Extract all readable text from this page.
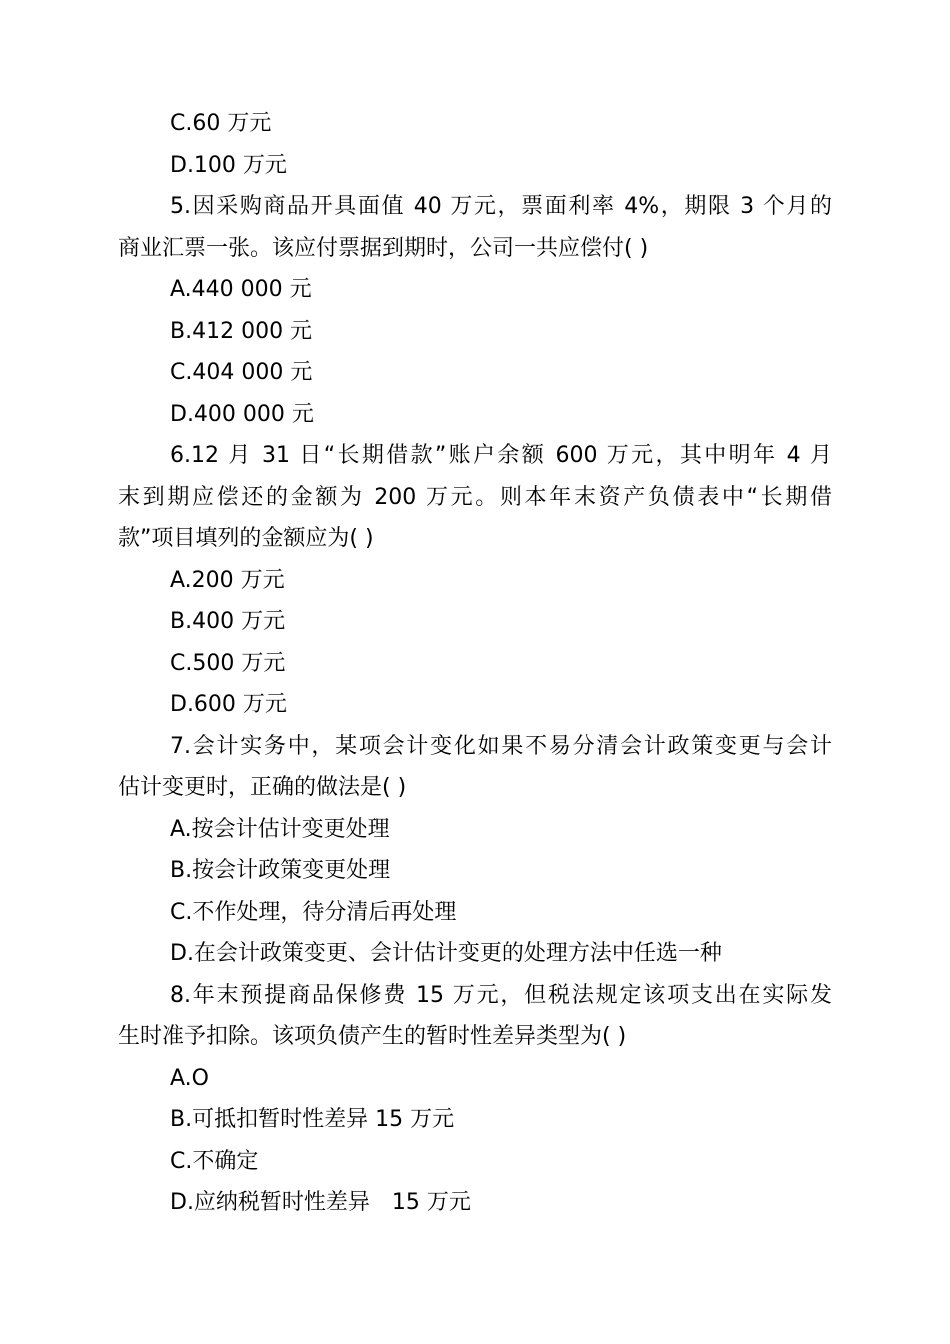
C.60 万元
D.100 万元
5.因采购商品开具面值 40 万元，票面利率 4%，期限 3 个月的
商业汇票一张。该应付票据到期时，公司一共应偿付( )
A.440 000 元
B.412 000 元
C.404 000 元
D.400 000 元
6.12 月 31 日“长期借款”账户余额 600 万元，其中明年 4 月
末到期应偿还的金额为 200 万元。则本年末资产负债表中“长期借
款”项目填列的金额应为( )
A.200 万元
B.400 万元
C.500 万元
D.600 万元
7.会计实务中，某项会计变化如果不易分清会计政策变更与会计
估计变更时，正确的做法是( )
A.按会计估计变更处理
B.按会计政策变更处理
C.不作处理，待分清后再处理
D.在会计政策变更、会计估计变更的处理方法中任选一种
8.年末预提商品保修费 15 万元，但税法规定该项支出在实际发
生时准予扣除。该项负债产生的暂时性差异类型为( )
A.O
B.可抵扣暂时性差异 15 万元
C.不确定
D.应纳税暂时性差异　15 万元
